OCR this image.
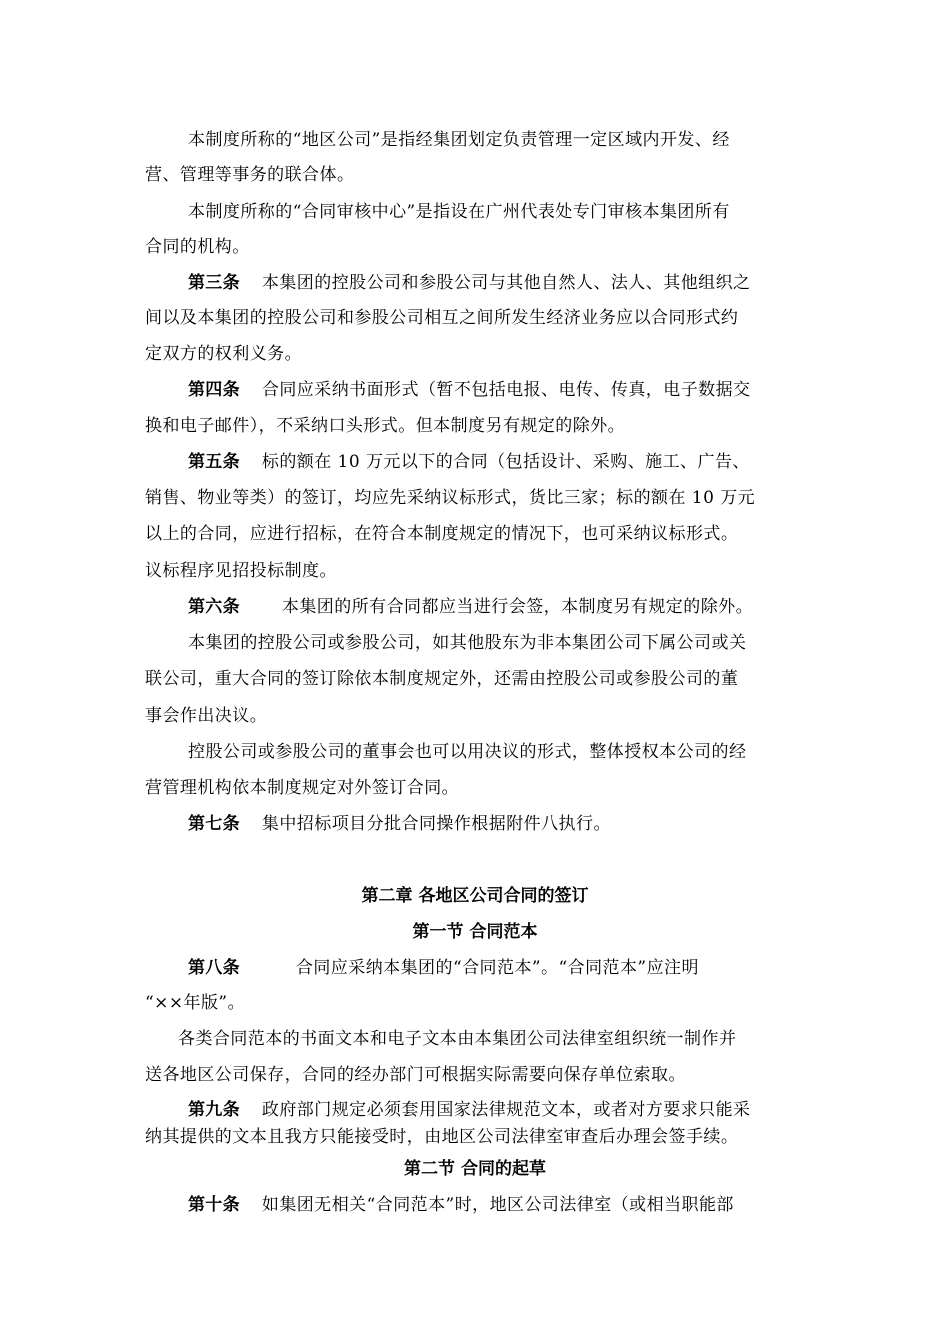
本制度所称的“地区公司”是指经集团划定负责管理一定区域内开发、经
营、管理等事务的联合体。
本制度所称的“合同审核中心”是指设在广州代表处专门审核本集团所有
合同的机构。
第三条 本集团的控股公司和参股公司与其他自然人、法人、其他组织之
间以及本集团的控股公司和参股公司相互之间所发生经济业务应以合同形式约
定双方的权利义务。
第四条 合同应采纳书面形式（暂不包括电报、电传、传真，电子数据交
换和电子邮件），不采纳口头形式。但本制度另有规定的除外。
第五条 标的额在 10 万元以下的合同（包括设计、采购、施工、广告、
销售、物业等类）的签订，均应先采纳议标形式，货比三家；标的额在 10 万元
以上的合同，应进行招标，在符合本制度规定的情况下，也可采纳议标形式。
议标程序见招投标制度。
第六条 本集团的所有合同都应当进行会签，本制度另有规定的除外。
本集团的控股公司或参股公司，如其他股东为非本集团公司下属公司或关
联公司，重大合同的签订除依本制度规定外，还需由控股公司或参股公司的董
事会作出决议。
控股公司或参股公司的董事会也可以用决议的形式，整体授权本公司的经
营管理机构依本制度规定对外签订合同。
第七条 集中招标项目分批合同操作根据附件八执行。
第二章 各地区公司合同的签订
第一节 合同范本
第八条	合同应采纳本集团的“合同范本”。“合同范本”应注明
“××年版”。
各类合同范本的书面文本和电子文本由本集团公司法律室组织统一制作并
送各地区公司保存，合同的经办部门可根据实际需要向保存单位索取。
第九条 政府部门规定必须套用国家法律规范文本，或者对方要求只能采
纳其提供的文本且我方只能接受时，由地区公司法律室审查后办理会签手续。
第二节 合同的起草
第十条 如集团无相关“合同范本”时，地区公司法律室（或相当职能部
